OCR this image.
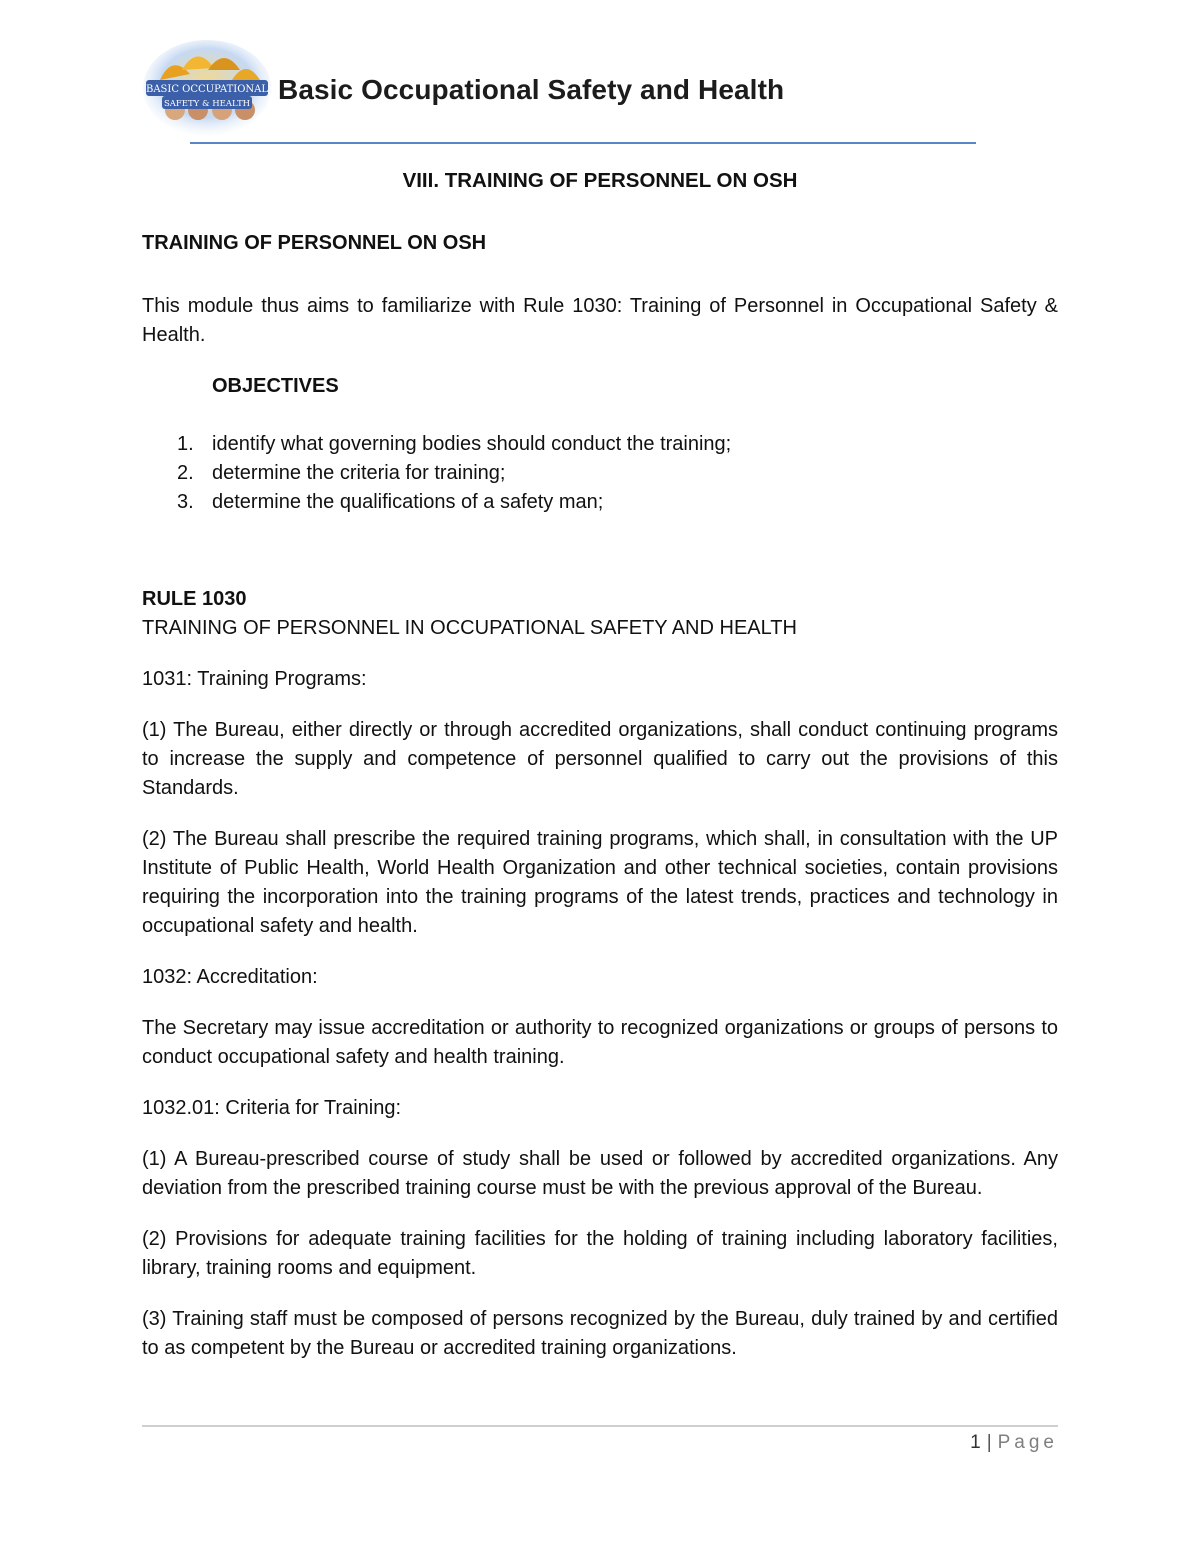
BASIC OCCUPATIONAL
SAFETY & HEALTH Basic Occupational Safety and Health

VIII. TRAINING OF PERSONNEL ON OSH

TRAINING OF PERSONNEL ON OSH

This module thus aims to familiarize with Rule 1030: Training of Personnel in Occupational Safety & Health.

OBJECTIVES

1. identify what governing bodies should conduct the training;
2. determine the criteria for training;
3. determine the qualifications of a safety man;

RULE 1030

TRAINING OF PERSONNEL IN OCCUPATIONAL SAFETY AND HEALTH

1031: Training Programs:

(1) The Bureau, either directly or through accredited organizations, shall conduct continuing programs to increase the supply and competence of personnel qualified to carry out the provisions of this Standards.

(2) The Bureau shall prescribe the required training programs, which shall, in consultation with the UP Institute of Public Health, World Health Organization and other technical societies, contain provisions requiring the incorporation into the training programs of the latest trends, practices and technology in occupational safety and health.

1032: Accreditation:

The Secretary may issue accreditation or authority to recognized organizations or groups of persons to conduct occupational safety and health training.

1032.01: Criteria for Training:

(1) A Bureau-prescribed course of study shall be used or followed by accredited organizations. Any deviation from the prescribed training course must be with the previous approval of the Bureau.

(2) Provisions for adequate training facilities for the holding of training including laboratory facilities, library, training rooms and equipment.

(3) Training staff must be composed of persons recognized by the Bureau, duly trained by and certified to as competent by the Bureau or accredited training organizations.

1 | Page
